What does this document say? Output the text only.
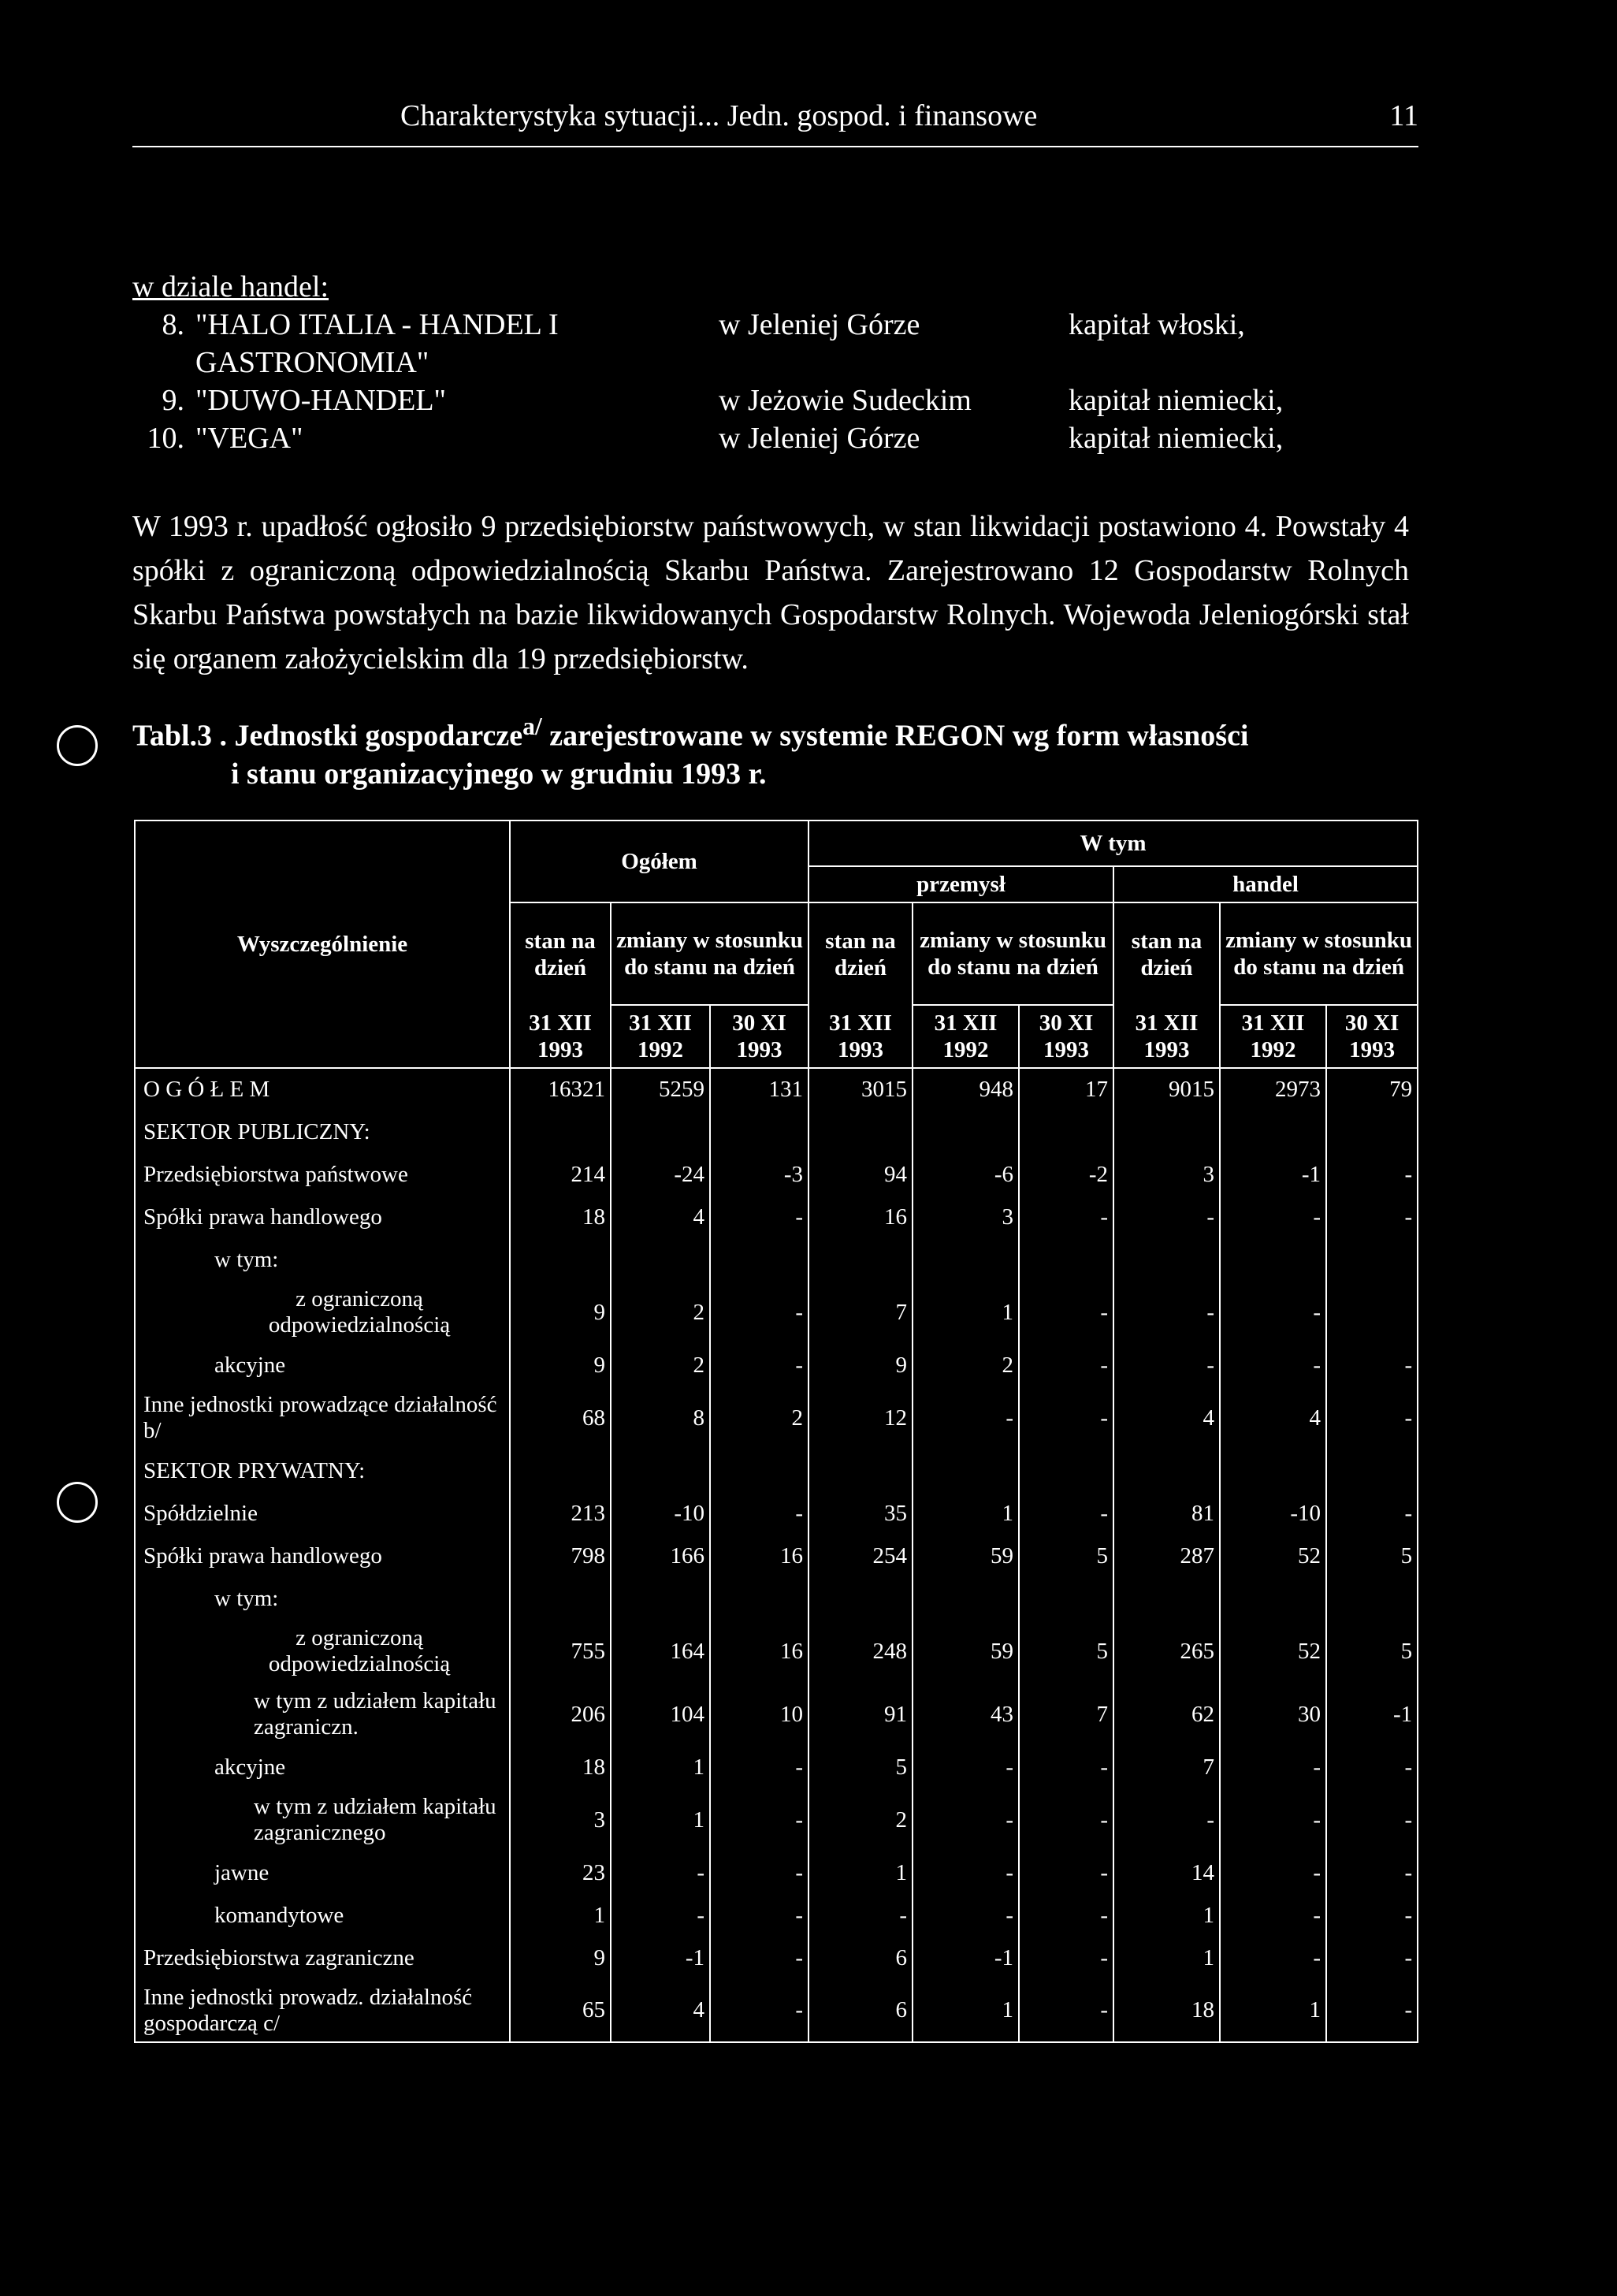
Charakterystyka sytuacji... Jedn. gospod. i finansowe	11
w dziale handel:
8. "HALO ITALIA - HANDEL I GASTRONOMIA"
w Jeleniej Górze	kapitał włoski,
9. "DUWO-HANDEL"	w Jeżowie Sudeckim	kapitał niemiecki,
10. "VEGA"	w Jeleniej Górze	kapitał niemiecki,
W 1993 r. upadłość ogłosiło 9 przedsiębiorstw państwowych, w stan likwidacji postawiono 4. Powstały 4 spółki z ograniczoną odpowiedzialnością Skarbu Państwa. Zarejestrowano 12 Gospodarstw Rolnych Skarbu Państwa powstałych na bazie likwidowanych Gospodarstw Rolnych. Wojewoda Jeleniogórski stał się organem założycielskim dla 19 przedsiębiorstw.
Tabl.3 . Jednostki gospodarcze$^{a/}$ zarejestrowane w systemie REGON wg form własności
i stanu organizacyjnego w grudniu 1993 r.
Wyszczególnienie	Ogółem			W tym					
				przemysł			handel		
	stan na dzień	zmiany w stosunku do stanu na dzień		stan na dzień	zmiany w stosunku do stanu na dzień		stan na dzień	zmiany w stosunku do stanu na dzień	
	31 XII 1993	31 XII 1992	30 XI 1993	31 XII 1993	31 XII 1992	30 XI 1993	31 XII 1993	31 XII 1992	30 XI 1993
O G Ó Ł E M	16321	5259	131	3015	948	17	9015	2973	79
SEKTOR PUBLICZNY:									
Przedsiębiorstwa państwowe	214	-24	-3	94	-6	-2	3	-1	-
Spółki prawa handlowego	18	4	-	16	3	-	-	-	-
w tym:									
z ograniczoną odpowiedzialnością	9	2	-	7	1	-	-	-	
akcyjne	9	2	-	9	2	-	-	-	-
Inne jednostki prowadzące działalność b/	68	8	2	12	-	-	4	4	-
SEKTOR PRYWATNY:									
Spółdzielnie	213	-10	-	35	1	-	81	-10	-
Spółki prawa handlowego	798	166	16	254	59	5	287	52	5
w tym:									
z ograniczoną odpowiedzialnością	755	164	16	248	59	5	265	52	5
w tym z udziałem kapitału zagraniczn.	206	104	10	91	43	7	62	30	-1
akcyjne	18	1	-	5	-	-	7	-	-
w tym z udziałem kapitału zagranicznego	3	1	-	2	-	-	-	-	-
jawne	23	-	-	1	-	-	14	-	-
komandytowe	1	-	-	-	-	-	1	-	-
Przedsiębiorstwa zagraniczne	9	-1	-	6	-1	-	1	-	-
Inne jednostki prowadz. działalność gospodarczą c/	65	4	-	6	1	-	18	1	-
